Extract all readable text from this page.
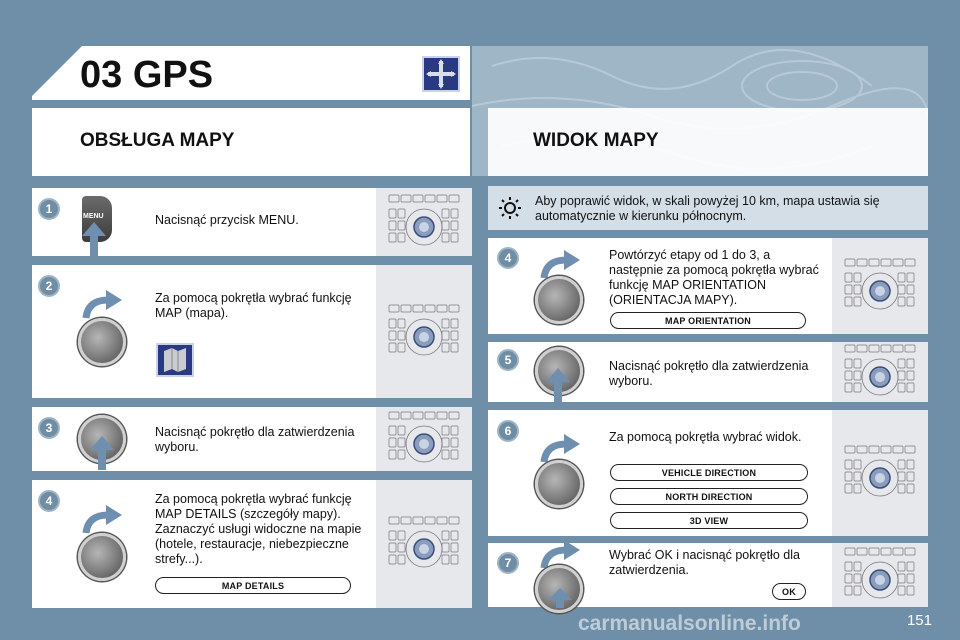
03 GPS
OBSŁUGA MAPY	WIDOK MAPY
1
MENU	Nacisnąć przycisk MENU.
2
Za pomocą pokrętła wybrać funkcję MAP (mapa).
3	Nacisnąć pokrętło dla zatwierdzenia wyboru.
4	Za pomocą pokrętła wybrać funkcję MAP DETAILS (szczegóły mapy). Zaznaczyć usługi widoczne na mapie (hotele, restauracje, niebezpieczne strefy...).
MAP DETAILS
Aby poprawić widok, w skali powyżej 10 km, mapa ustawia się automatycznie w kierunku północnym.
4	Powtórzyć etapy od 1 do 3, a następnie za pomocą pokrętła wybrać funkcję MAP ORIENTATION (ORIENTACJA MAPY).
MAP ORIENTATION
5	Nacisnąć pokrętło dla zatwierdzenia wyboru.
6	Za pomocą pokrętła wybrać widok.
VEHICLE DIRECTION
NORTH DIRECTION
3D VIEW
7
Wybrać OK i nacisnąć pokrętło dla zatwierdzenia.
OK
carmanualsonline.info	151
